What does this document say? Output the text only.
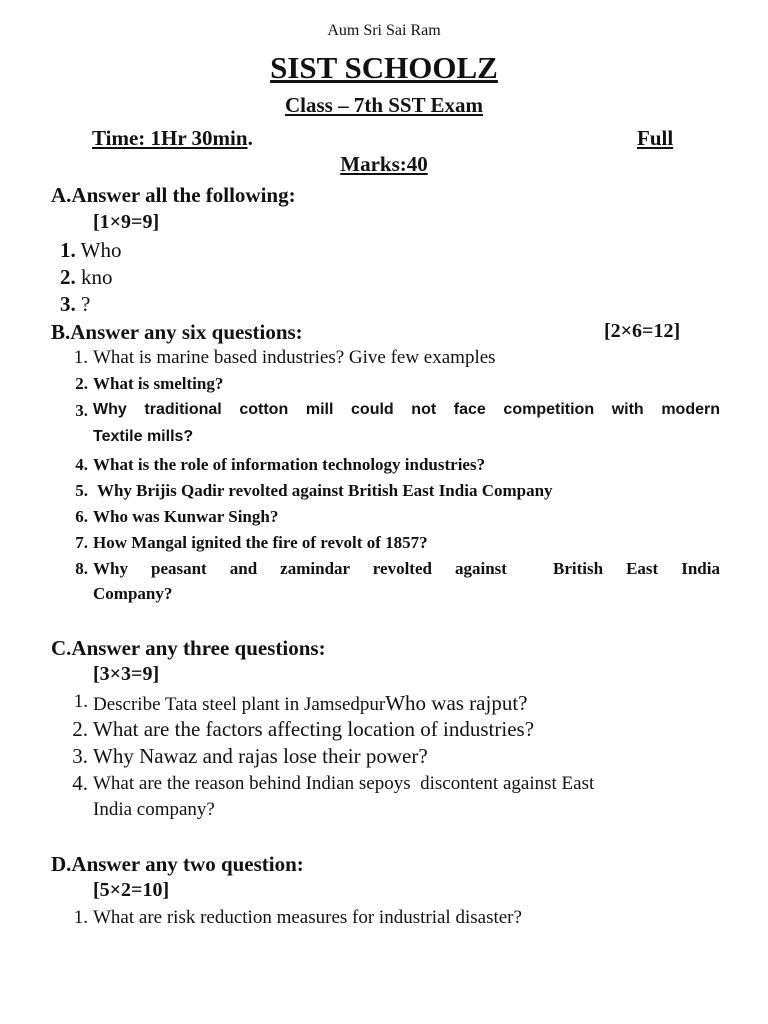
Aum Sri Sai Ram
SIST SCHOOLZ
Class – 7th SST Exam
Time: 1Hr 30min.	Full
Marks:40
A.Answer all the following:
[1×9=9]
1. Who
2. kno
3. ?
B.Answer any six questions:	[2×6=12]
1. What is marine based industries? Give few examples
2. What is smelting?
3. Why traditional cotton mill could not face competition with modern
Textile mills?
4. What is the role of information technology industries?
5. Why Brijis Qadir revolted against British East India Company
6. Who was Kunwar Singh?
7. How Mangal ignited the fire of revolt of 1857?
8. Why peasant and zamindar revolted against  British East India
Company?
C.Answer any three questions:
[3×3=9]
1. Describe Tata steel plant in JamsedpurWho was rajput?
2. What are the factors affecting location of industries?
3. Why Nawaz and rajas lose their power?
4. What are the reason behind Indian sepoys  discontent against East
India company?
D.Answer any two question:
[5×2=10]
1. What are risk reduction measures for industrial disaster?
